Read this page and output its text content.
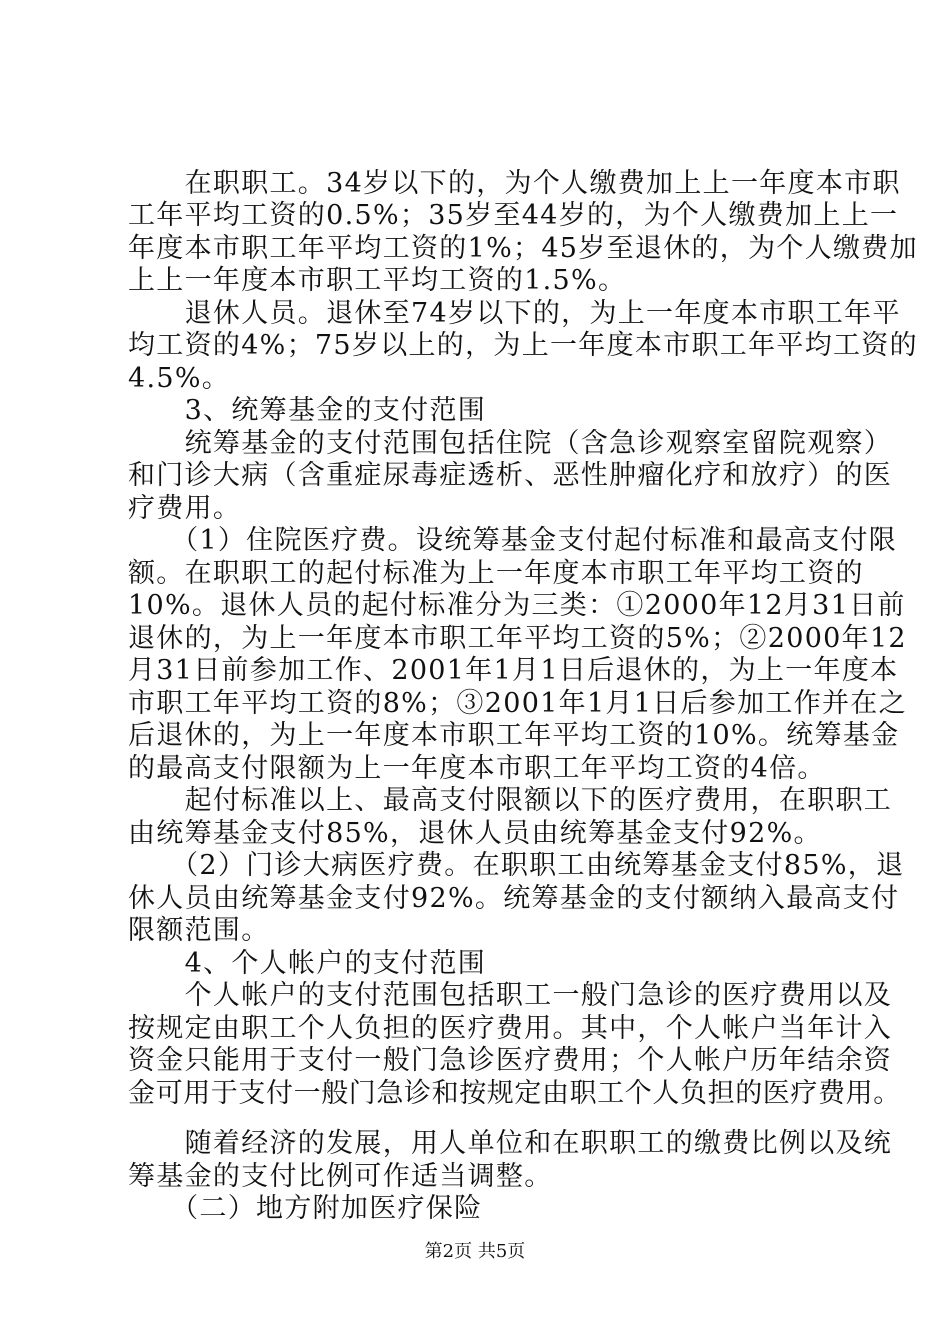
　　在职职工。34岁以下的，为个人缴费加上上一年度本市职
工年平均工资的0.5%；35岁至44岁的，为个人缴费加上上一
年度本市职工年平均工资的1%；45岁至退休的，为个人缴费加
上上一年度本市职工平均工资的1.5%。
　　退休人员。退休至74岁以下的，为上一年度本市职工年平
均工资的4%；75岁以上的，为上一年度本市职工年平均工资的
4.5%。
　　3、统筹基金的支付范围
　　统筹基金的支付范围包括住院（含急诊观察室留院观察）
和门诊大病（含重症尿毒症透析、恶性肿瘤化疗和放疗）的医
疗费用。
　　（1）住院医疗费。设统筹基金支付起付标准和最高支付限
额。在职职工的起付标准为上一年度本市职工年平均工资的
10%。退休人员的起付标准分为三类：①2000年12月31日前
退休的，为上一年度本市职工年平均工资的5%；②2000年12
月31日前参加工作、2001年1月1日后退休的，为上一年度本
市职工年平均工资的8%；③2001年1月1日后参加工作并在之
后退休的，为上一年度本市职工年平均工资的10%。统筹基金
的最高支付限额为上一年度本市职工年平均工资的4倍。
　　起付标准以上、最高支付限额以下的医疗费用，在职职工
由统筹基金支付85%，退休人员由统筹基金支付92%。
　　（2）门诊大病医疗费。在职职工由统筹基金支付85%，退
休人员由统筹基金支付92%。统筹基金的支付额纳入最高支付
限额范围。
　　4、个人帐户的支付范围
　　个人帐户的支付范围包括职工一般门急诊的医疗费用以及
按规定由职工个人负担的医疗费用。其中，个人帐户当年计入
资金只能用于支付一般门急诊医疗费用；个人帐户历年结余资
金可用于支付一般门急诊和按规定由职工个人负担的医疗费用。
　　随着经济的发展，用人单位和在职职工的缴费比例以及统
筹基金的支付比例可作适当调整。
　　（二）地方附加医疗保险
第2页 共5页
